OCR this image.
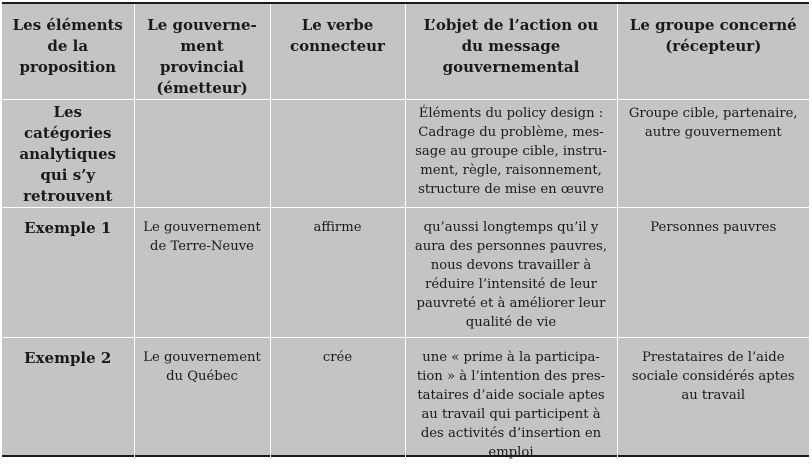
Les éléments de la proposition	Le gouverne-ment provincial (émetteur)	Le verbe connecteur	L’objet de l’action ou du message gouvernemental	Le groupe concerné (récepteur)

Les catégories analytiques qui s’y retrouvent			Éléments du policy design : Cadrage du problème, mes-sage au groupe cible, instru-ment, règle, raisonnement, structure de mise en œuvre	Groupe cible, partenaire, autre gouvernement

Exemple 1	Le gouvernement de Terre-Neuve	affirme	qu’aussi longtemps qu’il y aura des personnes pauvres, nous devons travailler à réduire l’intensité de leur pauvreté et à améliorer leur qualité de vie	Personnes pauvres

Exemple 2	Le gouvernement du Québec	crée	une « prime à la participa-tion » à l’intention des pres-tataires d’aide sociale aptes au travail qui participent à des activités d’insertion en emploi	Prestataires de l’aide sociale considérés aptes au travail
